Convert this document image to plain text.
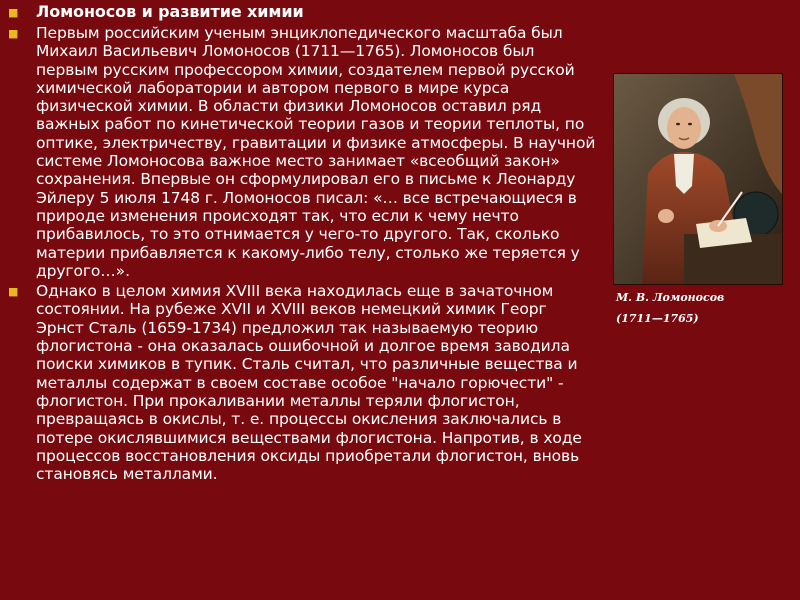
■ Ломоносов и развитие химии
■ Первым российским ученым энциклопедического масштаба был Михаил Васильевич Ломоносов (1711—1765). Ломоносов был первым русским профессором химии, создателем первой русской химической лаборатории и автором первого в мире курса физической химии. В области физики Ломоносов оставил ряд важных работ по кинетической теории газов и теории теплоты, по оптике, электричеству, гравитации и физике атмосферы. В научной системе Ломоносова важное место занимает «всеобщий закон» сохранения. Впервые он сформулировал его в письме к Леонарду Эйлеру 5 июля 1748 г. Ломоносов писал: «… все встречающиеся в природе изменения происходят так, что если к чему нечто прибавилось, то это отнимается у чего-то другого. Так, сколько материи прибавляется к какому-либо телу, столько же теряется у другого…».
■ Однако в целом химия XVIII века находилась еще в зачаточном состоянии. На рубеже XVII и XVIII веков немецкий химик Георг Эрнст Сталь (1659-1734) предложил так называемую теорию флогистона - она оказалась ошибочной и долгое время заводила поиски химиков в тупик. Сталь считал, что различные вещества и металлы содержат в своем составе особое "начало горючести" - флогистон. При прокаливании металлы теряли флогистон, превращаясь в окислы, т. е. процессы окисления заключались в потере окислявшимися веществами флогистона. Напротив, в ходе процессов восстановления оксиды приобретали флогистон, вновь становясь металлами.
М. В. Ломоносов
(1711—1765)
